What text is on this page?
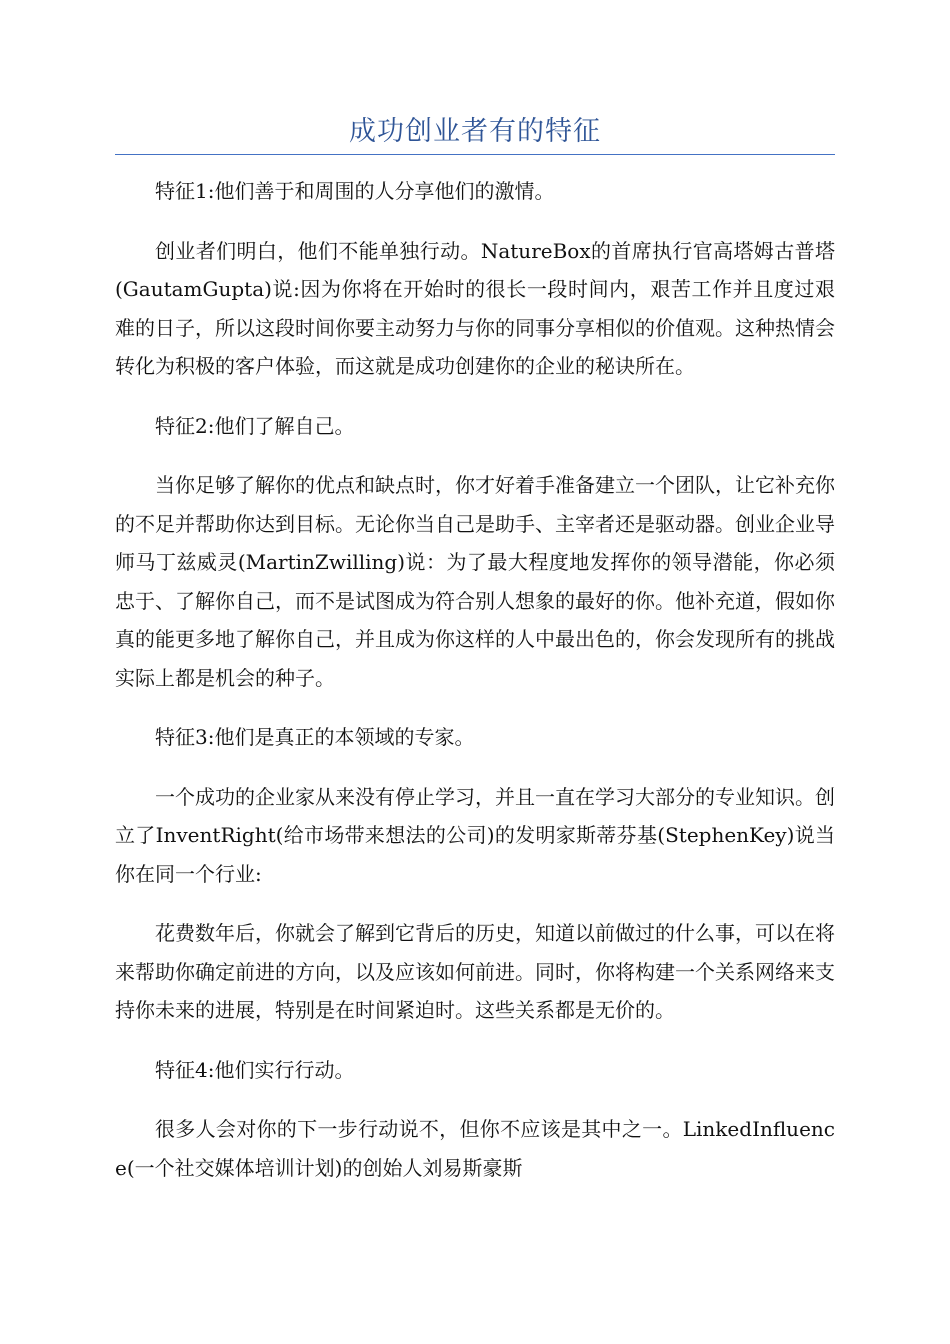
成功创业者有的特征

特征1:他们善于和周围的人分享他们的激情。

创业者们明白，他们不能单独行动。NatureBox的首席执行官高塔姆古普塔(GautamGupta)说:因为你将在开始时的很长一段时间内，艰苦工作并且度过艰难的日子，所以这段时间你要主动努力与你的同事分享相似的价值观。这种热情会转化为积极的客户体验，而这就是成功创建你的企业的秘诀所在。

特征2:他们了解自己。

当你足够了解你的优点和缺点时，你才好着手准备建立一个团队，让它补充你的不足并帮助你达到目标。无论你当自己是助手、主宰者还是驱动器。创业企业导师马丁兹威灵(MartinZwilling)说：为了最大程度地发挥你的领导潜能，你必须忠于、了解你自己，而不是试图成为符合别人想象的最好的你。他补充道，假如你真的能更多地了解你自己，并且成为你这样的人中最出色的，你会发现所有的挑战实际上都是机会的种子。

特征3:他们是真正的本领域的专家。

一个成功的企业家从来没有停止学习，并且一直在学习大部分的专业知识。创立了InventRight(给市场带来想法的公司)的发明家斯蒂芬基(StephenKey)说当你在同一个行业:

花费数年后，你就会了解到它背后的历史，知道以前做过的什么事，可以在将来帮助你确定前进的方向，以及应该如何前进。同时，你将构建一个关系网络来支持你未来的进展，特别是在时间紧迫时。这些关系都是无价的。

特征4:他们实行行动。

很多人会对你的下一步行动说不，但你不应该是其中之一。LinkedInfluence(一个社交媒体培训计划)的创始人刘易斯豪斯
